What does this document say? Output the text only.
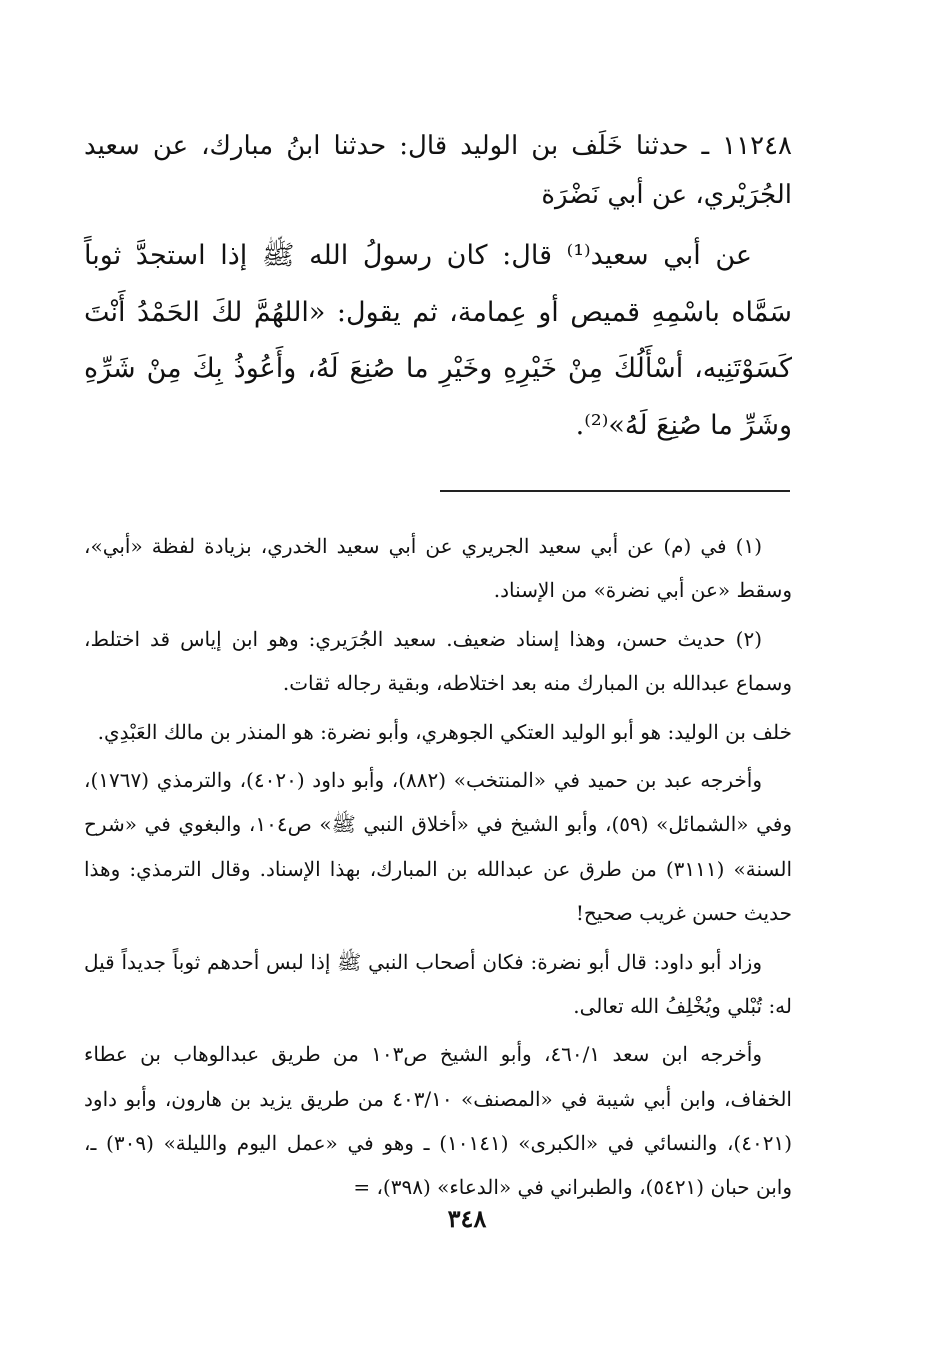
١١٢٤٨ ـ حدثنا خَلَف بن الوليد قال: حدثنا ابنُ مبارك، عن سعيد الجُرَيْري، عن أبي نَضْرَة

عن أبي سعيد⁽¹⁾ قال: كان رسولُ الله ﷺ إذا استجدَّ ثوباً سَمَّاه باسْمِهِ قميص أو عِمامة، ثم يقول: «اللهُمَّ لكَ الحَمْدُ أَنْتَ كَسَوْتَنِيه، أسْأَلُكَ مِنْ خَيْرِهِ وخَيْرِ ما صُنِعَ لَهُ، وأَعُوذُ بِكَ مِنْ شَرِّهِ وشَرِّ ما صُنِعَ لَهُ»⁽²⁾.

(١) في (م) عن أبي سعيد الجريري عن أبي سعيد الخدري، بزيادة لفظة «أبي»، وسقط «عن أبي نضرة» من الإسناد.

(٢) حديث حسن، وهذا إسناد ضعيف. سعيد الجُرَيري: وهو ابن إياس قد اختلط، وسماع عبدالله بن المبارك منه بعد اختلاطه، وبقية رجاله ثقات.

خلف بن الوليد: هو أبو الوليد العتكي الجوهري، وأبو نضرة: هو المنذر بن مالك العَبْدِي.

وأخرجه عبد بن حميد في «المنتخب» (٨٨٢)، وأبو داود (٤٠٢٠)، والترمذي (١٧٦٧)، وفي «الشمائل» (٥٩)، وأبو الشيخ في «أخلاق النبي ﷺ» ص١٠٤، والبغوي في «شرح السنة» (٣١١١) من طرق عن عبدالله بن المبارك، بهذا الإسناد. وقال الترمذي: وهذا حديث حسن غريب صحيح!

وزاد أبو داود: قال أبو نضرة: فكان أصحاب النبي ﷺ إذا لبس أحدهم ثوباً جديداً قيل له: تُبْلي ويُخْلِفُ الله تعالى.

وأخرجه ابن سعد ٤٦٠/١، وأبو الشيخ ص١٠٣ من طريق عبدالوهاب بن عطاء الخفاف، وابن أبي شيبة في «المصنف» ٤٠٣/١٠ من طريق يزيد بن هارون، وأبو داود (٤٠٢١)، والنسائي في «الكبرى» (١٠١٤١) ـ وهو في «عمل اليوم والليلة» (٣٠٩) ـ، وابن حبان (٥٤٢١)، والطبراني في «الدعاء» (٣٩٨)، =

٣٤٨
